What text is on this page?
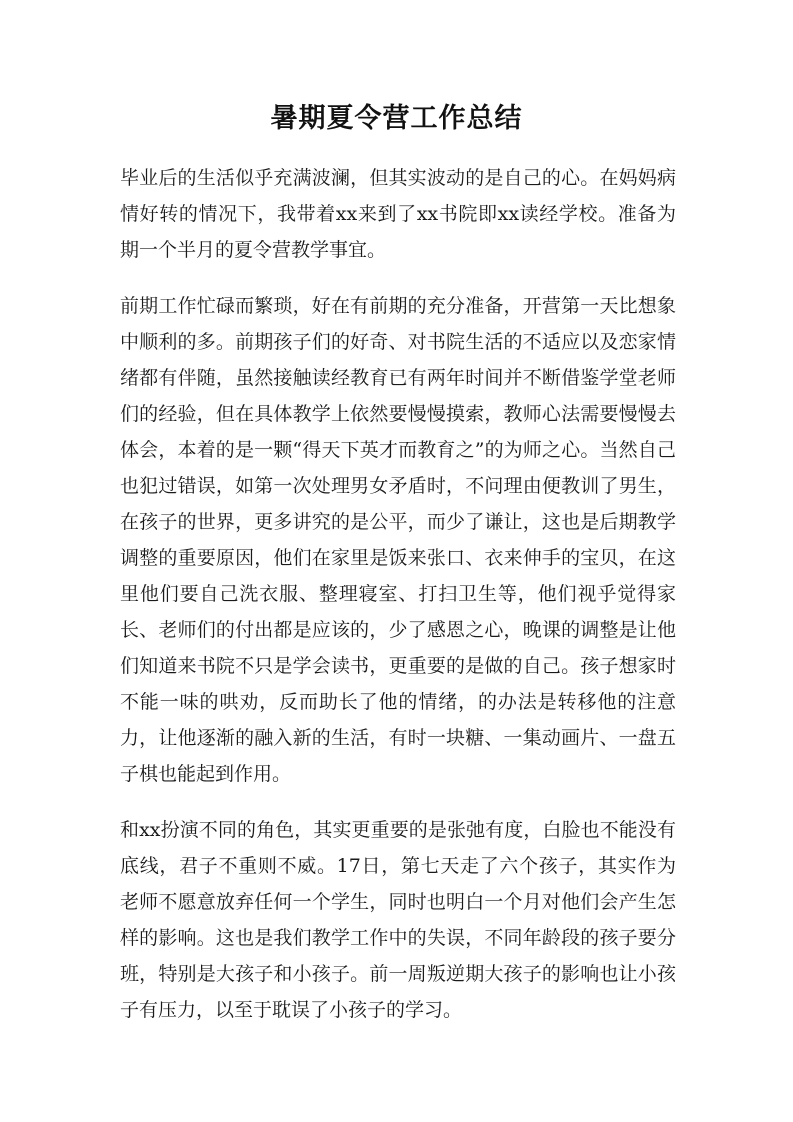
暑期夏令营工作总结

毕业后的生活似乎充满波澜，但其实波动的是自己的心。在妈妈病情好转的情况下，我带着xx来到了xx书院即xx读经学校。准备为期一个半月的夏令营教学事宜。

前期工作忙碌而繁琐，好在有前期的充分准备，开营第一天比想象中顺利的多。前期孩子们的好奇、对书院生活的不适应以及恋家情绪都有伴随，虽然接触读经教育已有两年时间并不断借鉴学堂老师们的经验，但在具体教学上依然要慢慢摸索，教师心法需要慢慢去体会，本着的是一颗“得天下英才而教育之”的为师之心。当然自己也犯过错误，如第一次处理男女矛盾时，不问理由便教训了男生，在孩子的世界，更多讲究的是公平，而少了谦让，这也是后期教学调整的重要原因，他们在家里是饭来张口、衣来伸手的宝贝，在这里他们要自己洗衣服、整理寝室、打扫卫生等，他们视乎觉得家长、老师们的付出都是应该的，少了感恩之心，晚课的调整是让他们知道来书院不只是学会读书，更重要的是做的自己。孩子想家时不能一味的哄劝，反而助长了他的情绪，的办法是转移他的注意力，让他逐渐的融入新的生活，有时一块糖、一集动画片、一盘五子棋也能起到作用。

和xx扮演不同的角色，其实更重要的是张弛有度，白脸也不能没有底线，君子不重则不威。17日，第七天走了六个孩子，其实作为老师不愿意放弃任何一个学生，同时也明白一个月对他们会产生怎样的影响。这也是我们教学工作中的失误，不同年龄段的孩子要分班，特别是大孩子和小孩子。前一周叛逆期大孩子的影响也让小孩子有压力，以至于耽误了小孩子的学习。
